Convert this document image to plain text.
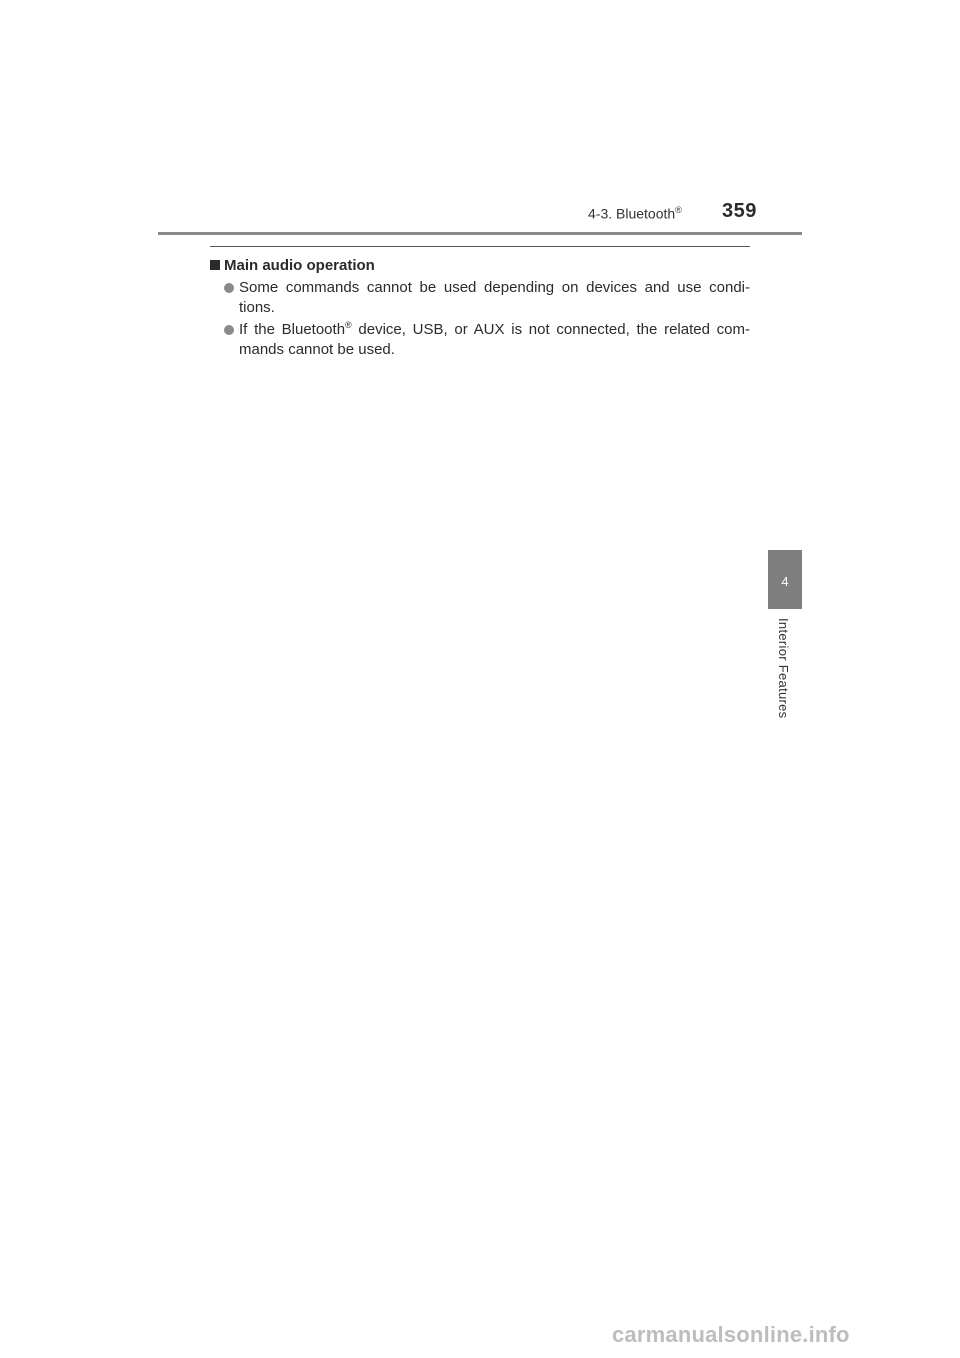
4-3. Bluetooth® 359
4
Interior Features
Main audio operation
Some commands cannot be used depending on devices and use condi-tions.
If the Bluetooth® device, USB, or AUX is not connected, the related com-mands cannot be used.
carmanualsonline.info
